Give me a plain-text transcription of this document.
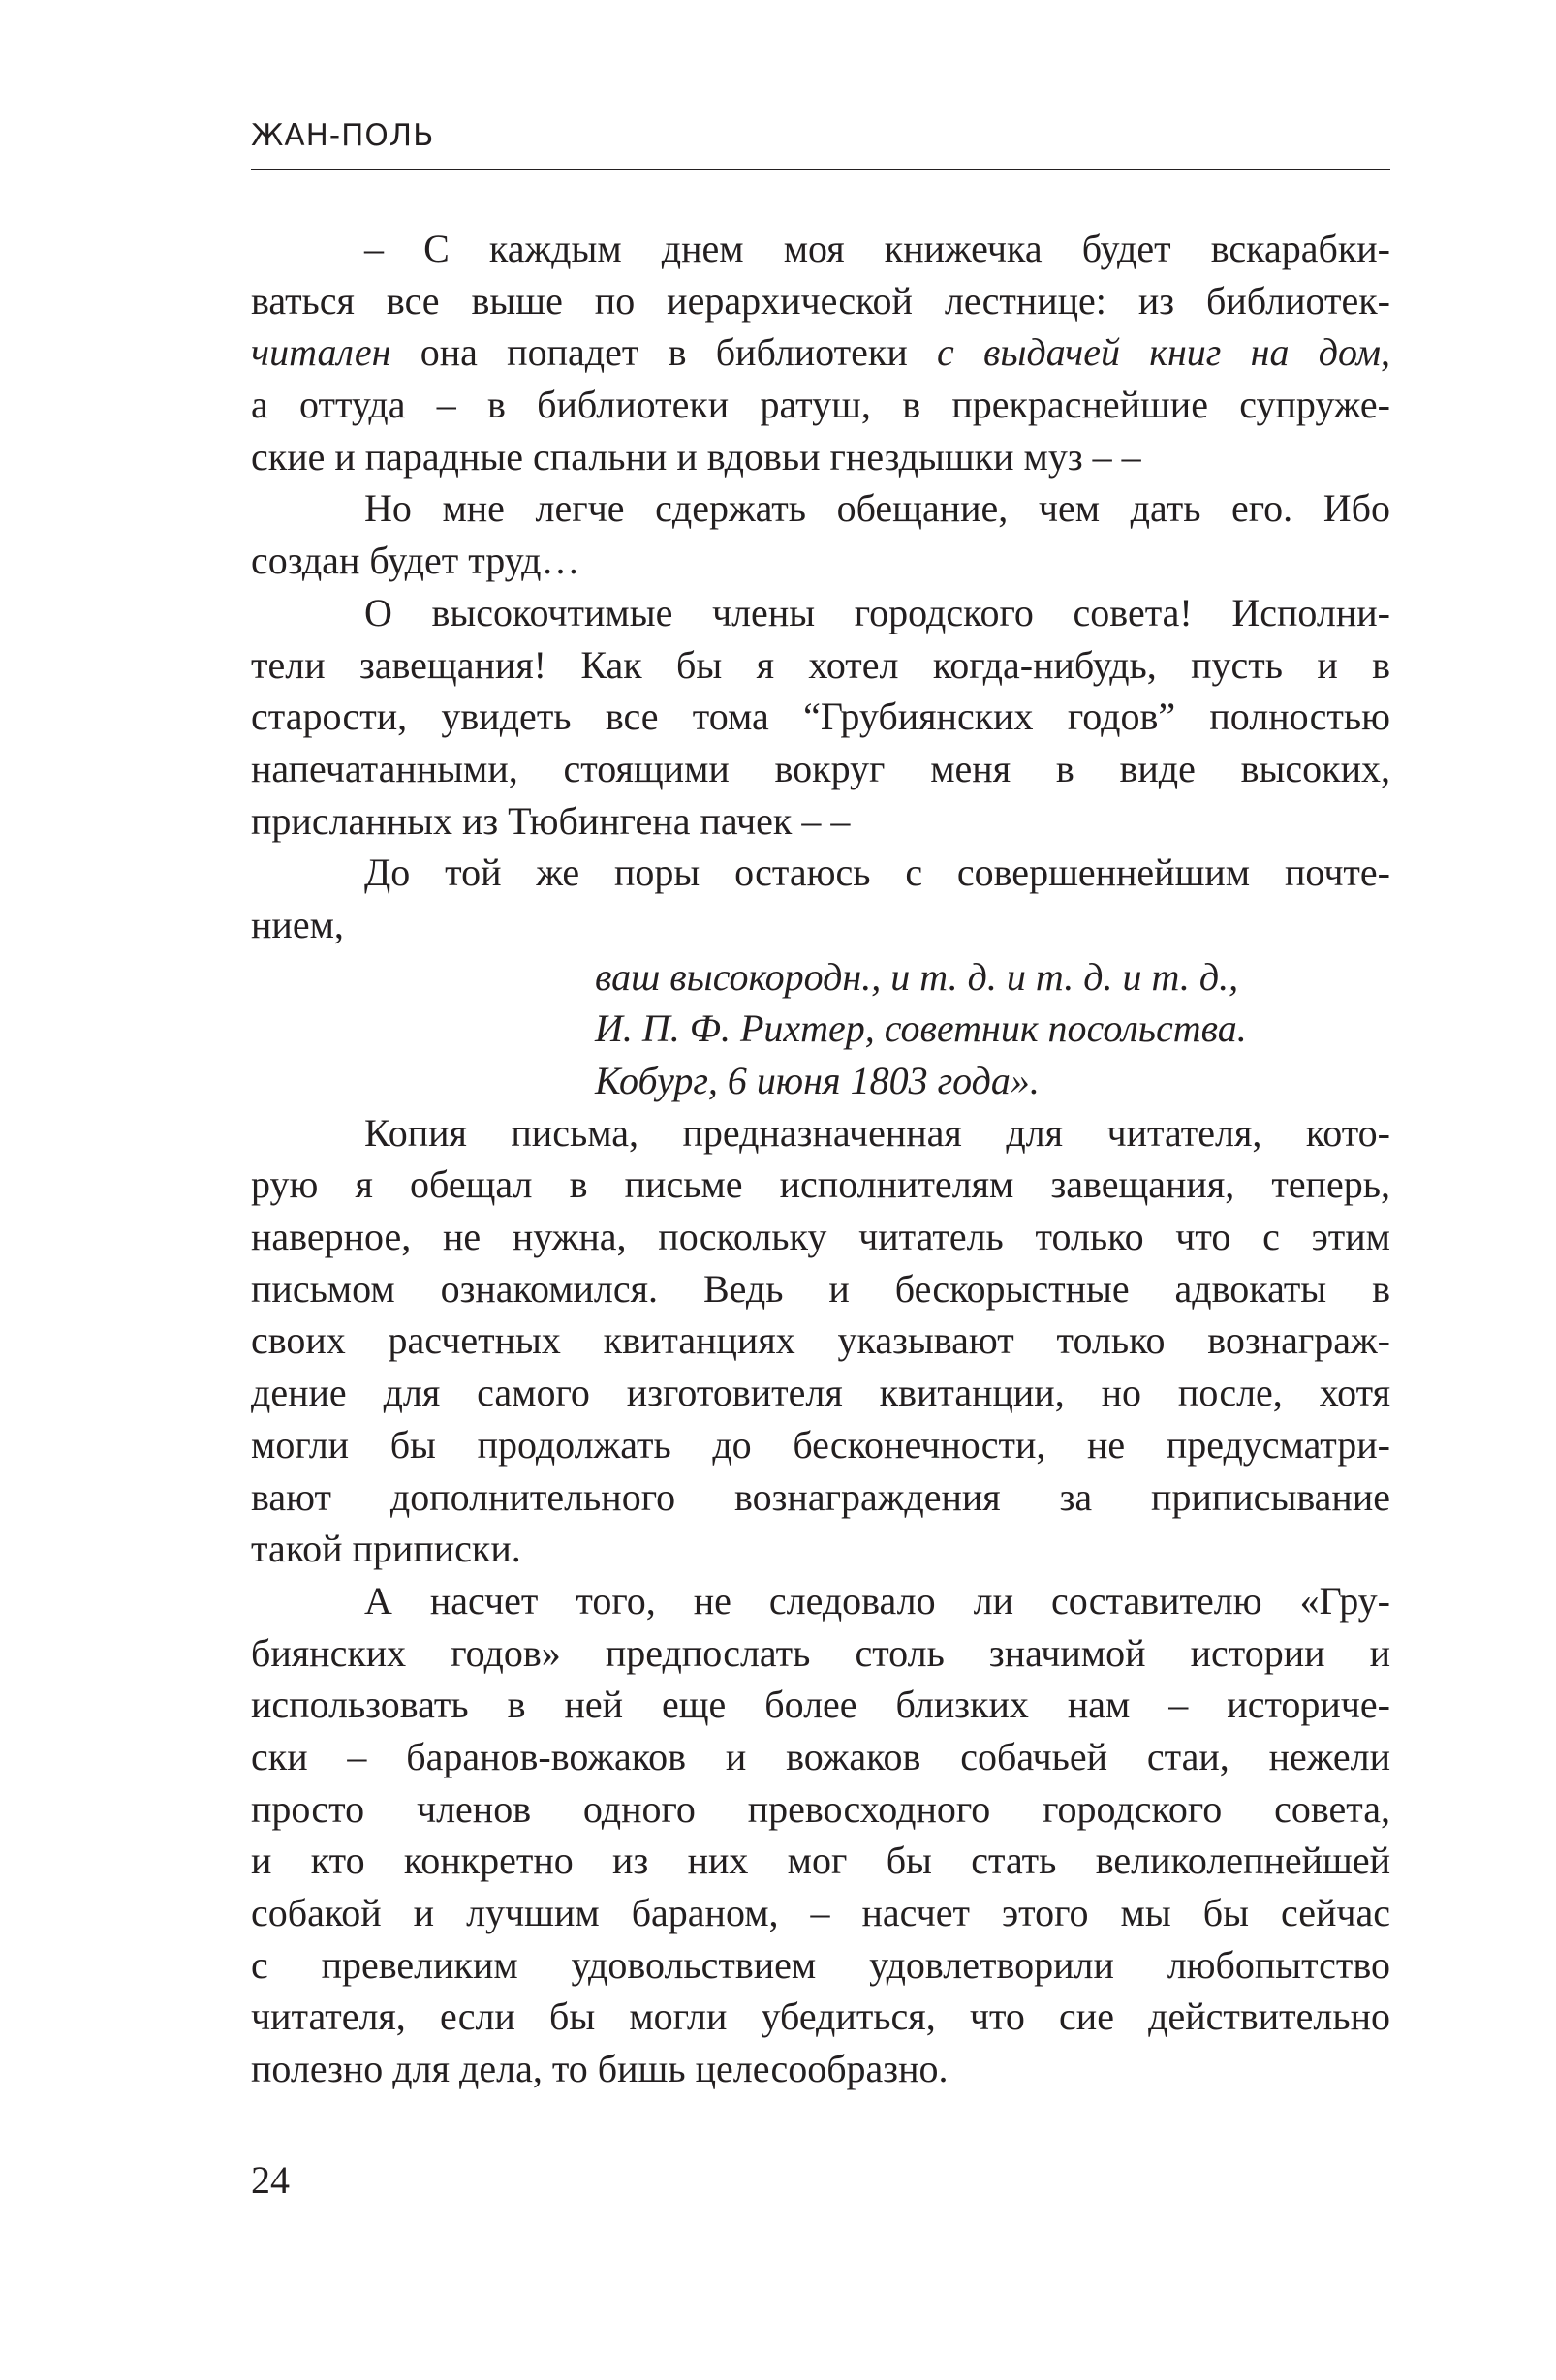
ЖАН-ПОЛЬ
– С каждым днем моя книжечка будет вскарабки-
ваться все выше по иерархической лестнице: из библиотек-
читален она попадет в библиотеки с выдачей книг на дом,
а оттуда – в библиотеки ратуш, в прекраснейшие супруже-
ские и парадные спальни и вдовьи гнездышки муз – –
Но мне легче сдержать обещание, чем дать его. Ибо
создан будет труд…
О высокочтимые члены городского совета! Исполни-
тели завещания! Как бы я хотел когда-нибудь, пусть и в
старости, увидеть все тома “Грубиянских годов” полностью
напечатанными, стоящими вокруг меня в виде высоких,
присланных из Тюбингена пачек – –
До той же поры остаюсь с совершеннейшим почте-
нием,
ваш высокородн., и т. д. и т. д. и т. д.,
И. П. Ф. Рихтер, советник посольства.
Кобург, 6 июня 1803 года».
Копия письма, предназначенная для читателя, кото-
рую я обещал в письме исполнителям завещания, теперь,
наверное, не нужна, поскольку читатель только что с этим
письмом ознакомился. Ведь и бескорыстные адвокаты в
своих расчетных квитанциях указывают только вознаграж-
дение для самого изготовителя квитанции, но после, хотя
могли бы продолжать до бесконечности, не предусматри-
вают дополнительного вознаграждения за приписывание
такой приписки.
А насчет того, не следовало ли составителю «Гру-
биянских годов» предпослать столь значимой истории и
использовать в ней еще более близких нам – историче-
ски – баранов-вожаков и вожаков собачьей стаи, нежели
просто членов одного превосходного городского совета,
и кто конкретно из них мог бы стать великолепнейшей
собакой и лучшим бараном, – насчет этого мы бы сейчас
с превеликим удовольствием удовлетворили любопытство
читателя, если бы могли убедиться, что сие действительно
полезно для дела, то бишь целесообразно.
24
